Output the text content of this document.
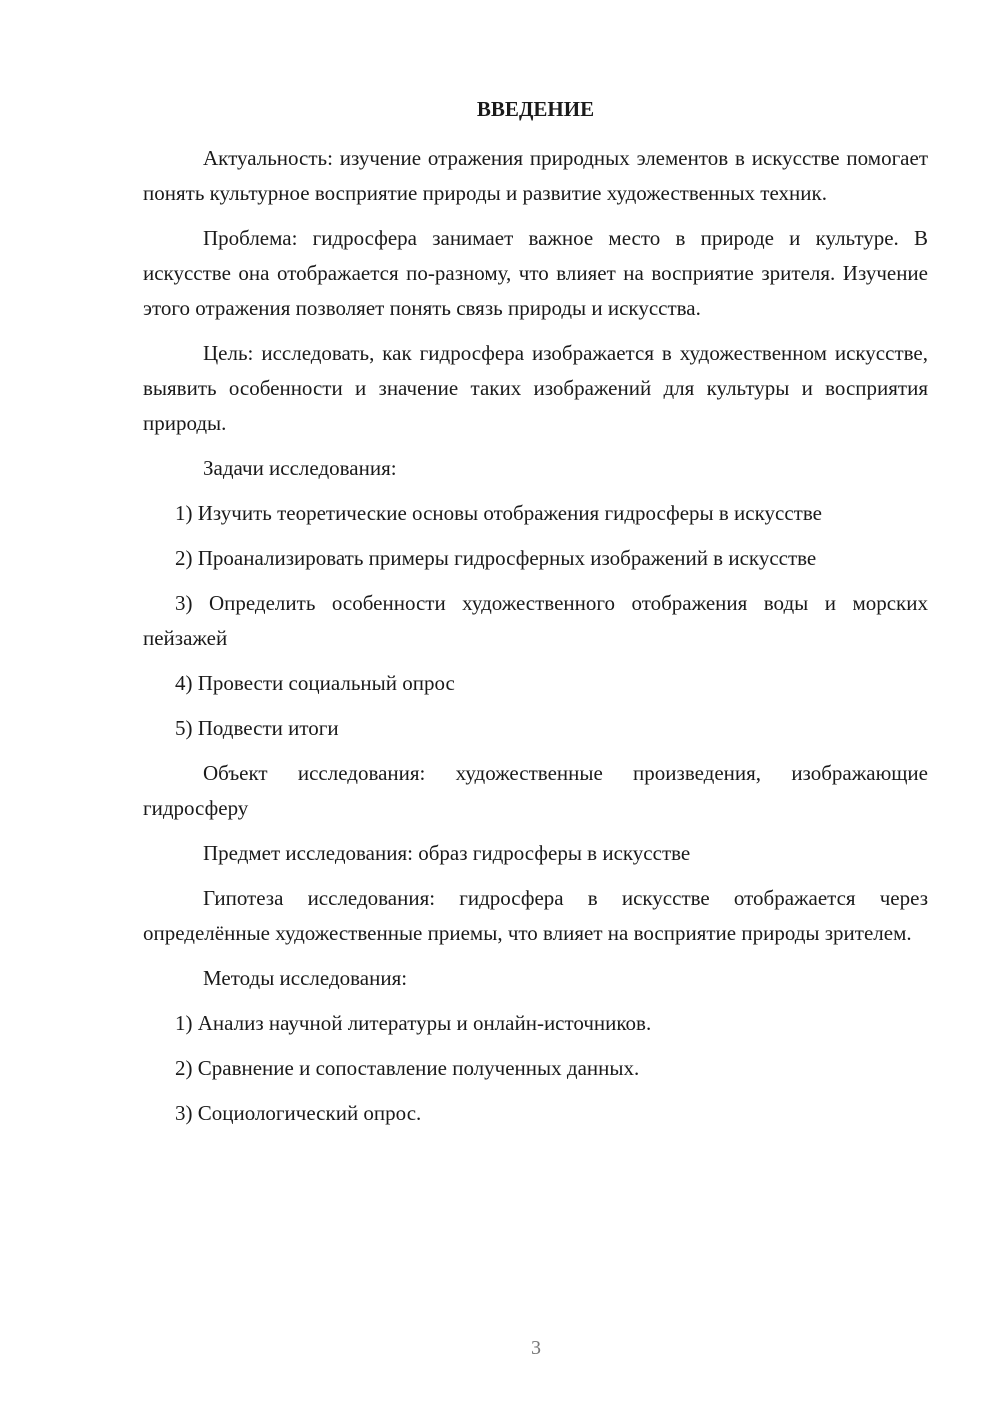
ВВЕДЕНИЕ

Актуальность: изучение отражения природных элементов в искусстве помогает понять культурное восприятие природы и развитие художественных техник.

Проблема: гидросфера занимает важное место в природе и культуре. В искусстве она отображается по-разному, что влияет на восприятие зрителя. Изучение этого отражения позволяет понять связь природы и искусства.

Цель: исследовать, как гидросфера изображается в художественном искусстве, выявить особенности и значение таких изображений для культуры и восприятия природы.

Задачи исследования:

1) Изучить теоретические основы отображения гидросферы в искусстве

2) Проанализировать примеры гидросферных изображений в искусстве

3) Определить особенности художественного отображения воды и морских пейзажей

4) Провести социальный опрос

5) Подвести итоги

Объект исследования: художественные произведения, изображающие гидросферу

Предмет исследования: образ гидросферы в искусстве

Гипотеза исследования: гидросфера в искусстве отображается через определённые художественные приемы, что влияет на восприятие природы зрителем.

Методы исследования:

1) Анализ научной литературы и онлайн-источников.

2) Сравнение и сопоставление полученных данных.

3) Социологический опрос.

3
